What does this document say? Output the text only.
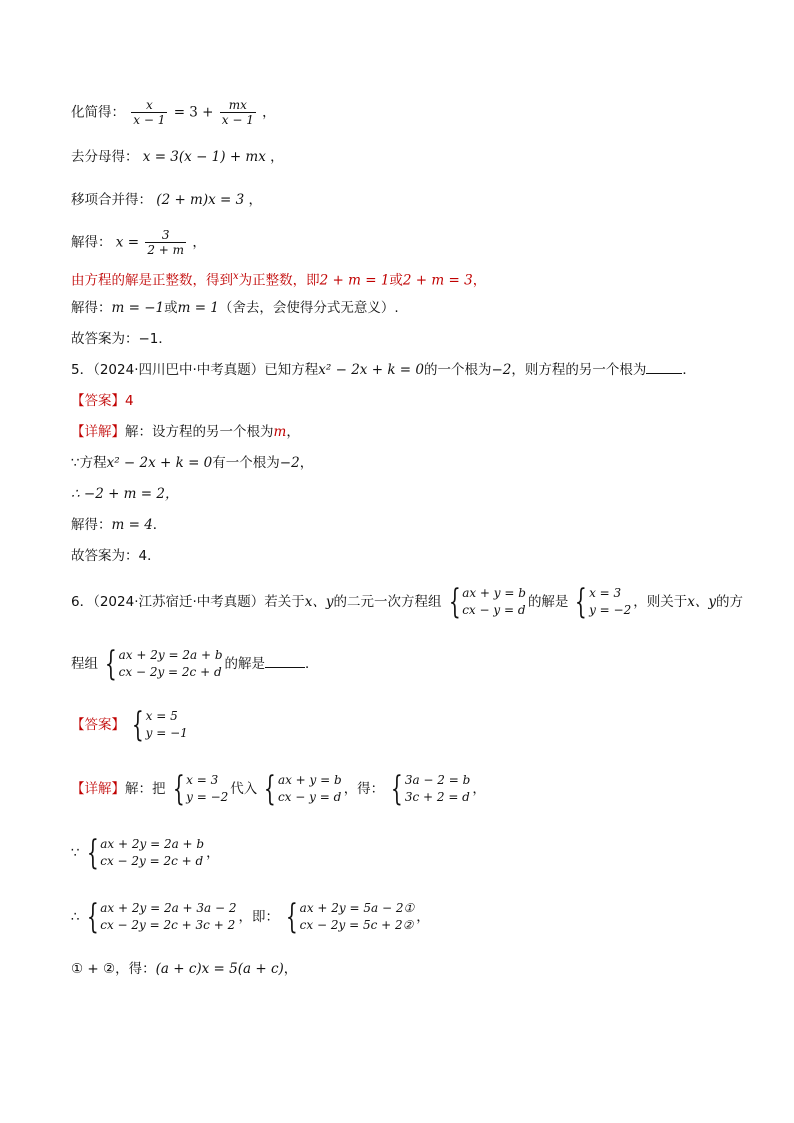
化简得： $\frac{x}{x - 1} = 3 + \frac{mx}{x - 1}$ ，
去分母得： x = 3(x − 1) + mx ，
移项合并得： (2 + m)x = 3 ，
解得： $x = \frac{3}{2 + m}$ ，
由方程的解是正整数，得到$^x$为正整数，即2 + m = 1或2 + m = 3，
解得：m = −1或m = 1（舍去，会使得分式无意义）.
故答案为：−1．
5．（2024·四川巴中·中考真题）已知方程x² − 2x + k = 0的一个根为−2，则方程的另一个根为	．
【答案】4
【详解】解：设方程的另一个根为m，
∵方程x² − 2x + k = 0有一个根为−2，
∴ −2 + m = 2，
解得：m = 4．
故答案为：4．
6．（2024·江苏宿迁·中考真题）若关于x、y的二元一次方程组 { ax + y = b
cx − y = d 的解是 { x = 3
y = −2 ，则关于x、y的方
程组 { ax + 2y = 2a + b
cx − 2y = 2c + d 的解是	．
【答案】 { x = 5
y = −1
【详解】解：把 { x = 3
y = −2 代入 { ax + y = b
cx − y = d ，得： { 3a − 2 = b
3c + 2 = d ，
∵ { ax + 2y = 2a + b
cx − 2y = 2c + d ，
∴ { ax + 2y = 2a + 3a − 2
cx − 2y = 2c + 3c + 2 ，即： { ax + 2y = 5a − 2①
cx − 2y = 5c + 2② ，
① + ②，得：(a + c)x = 5(a + c)，
